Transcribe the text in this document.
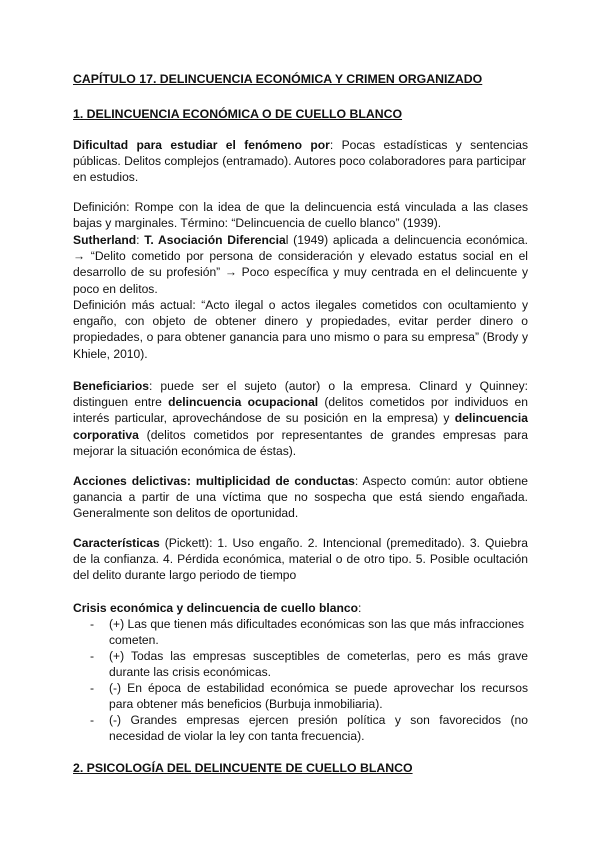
CAPÍTULO 17. DELINCUENCIA ECONÓMICA Y CRIMEN ORGANIZADO
1. DELINCUENCIA ECONÓMICA O DE CUELLO BLANCO
Dificultad para estudiar el fenómeno por: Pocas estadísticas y sentencias
públicas. Delitos complejos (entramado). Autores poco colaboradores para participar
en estudios.
Definición: Rompe con la idea de que la delincuencia está vinculada a las clases
bajas y marginales. Término: “Delincuencia de cuello blanco” (1939).
Sutherland: T. Asociación Diferencial (1949) aplicada a delincuencia económica.
→ “Delito cometido por persona de consideración y elevado estatus social en el
desarrollo de su profesión” → Poco específica y muy centrada en el delincuente y
poco en delitos.
Definición más actual: “Acto ilegal o actos ilegales cometidos con ocultamiento y
engaño, con objeto de obtener dinero y propiedades, evitar perder dinero o
propiedades, o para obtener ganancia para uno mismo o para su empresa” (Brody y
Khiele, 2010).
Beneficiarios: puede ser el sujeto (autor) o la empresa. Clinard y Quinney:
distinguen entre delincuencia ocupacional (delitos cometidos por individuos en
interés particular, aprovechándose de su posición en la empresa) y delincuencia
corporativa (delitos cometidos por representantes de grandes empresas para
mejorar la situación económica de éstas).
Acciones delictivas: multiplicidad de conductas: Aspecto común: autor obtiene
ganancia a partir de una víctima que no sospecha que está siendo engañada.
Generalmente son delitos de oportunidad.
Características (Pickett): 1. Uso engaño. 2. Intencional (premeditado). 3. Quiebra
de la confianza. 4. Pérdida económica, material o de otro tipo. 5. Posible ocultación
del delito durante largo periodo de tiempo
Crisis económica y delincuencia de cuello blanco:
- (+) Las que tienen más dificultades económicas son las que más infracciones
cometen.
- (+) Todas las empresas susceptibles de cometerlas, pero es más grave
durante las crisis económicas.
- (-) En época de estabilidad económica se puede aprovechar los recursos
para obtener más beneficios (Burbuja inmobiliaria).
- (-) Grandes empresas ejercen presión política y son favorecidos (no
necesidad de violar la ley con tanta frecuencia).
2. PSICOLOGÍA DEL DELINCUENTE DE CUELLO BLANCO
